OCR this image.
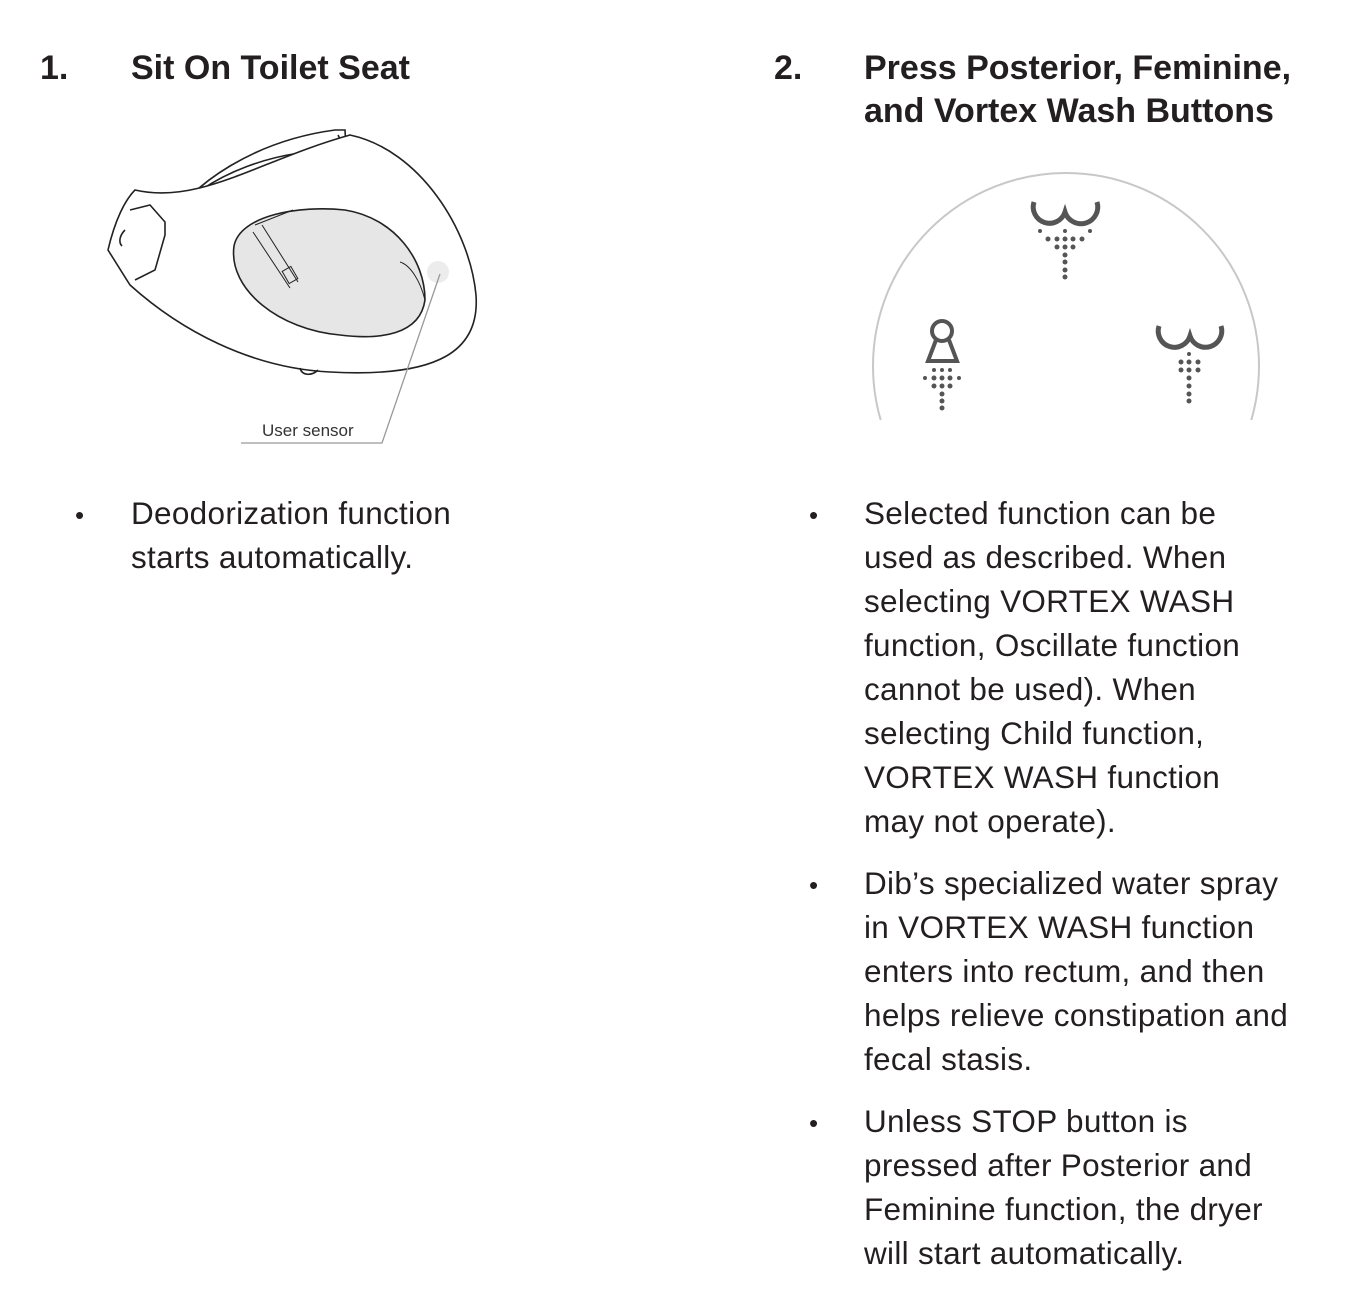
1. Sit On Toilet Seat	2. Press Posterior, Feminine,
and Vortex Wash Buttons
User sensor
• Deodorization function
starts automatically.
• Selected function can be
used as described. When
selecting VORTEX WASH
function, Oscillate function
cannot be used). When
selecting Child function,
VORTEX WASH function
may not operate).
• Dib’s specialized water spray
in VORTEX WASH function
enters into rectum, and then
helps relieve constipation and
fecal stasis.
• Unless STOP button is
pressed after Posterior and
Feminine function, the dryer
will start automatically.
